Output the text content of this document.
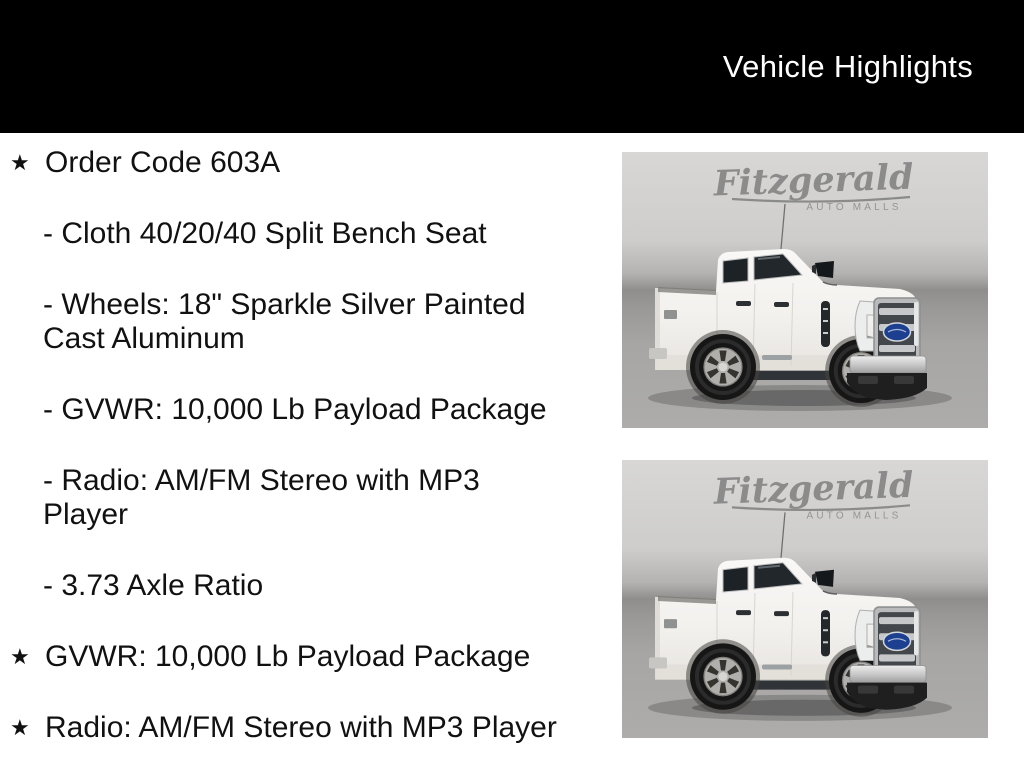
Vehicle Highlights
★ Order Code 603A
- Cloth 40/20/40 Split Bench Seat
- Wheels: 18" Sparkle Silver Painted Cast Aluminum
- GVWR: 10,000 Lb Payload Package
- Radio: AM/FM Stereo with MP3 Player
- 3.73 Axle Ratio
★ GVWR: 10,000 Lb Payload Package
★ Radio: AM/FM Stereo with MP3 Player
Fitzgerald
AUTO MALLS
Fitzgerald
AUTO MALLS
